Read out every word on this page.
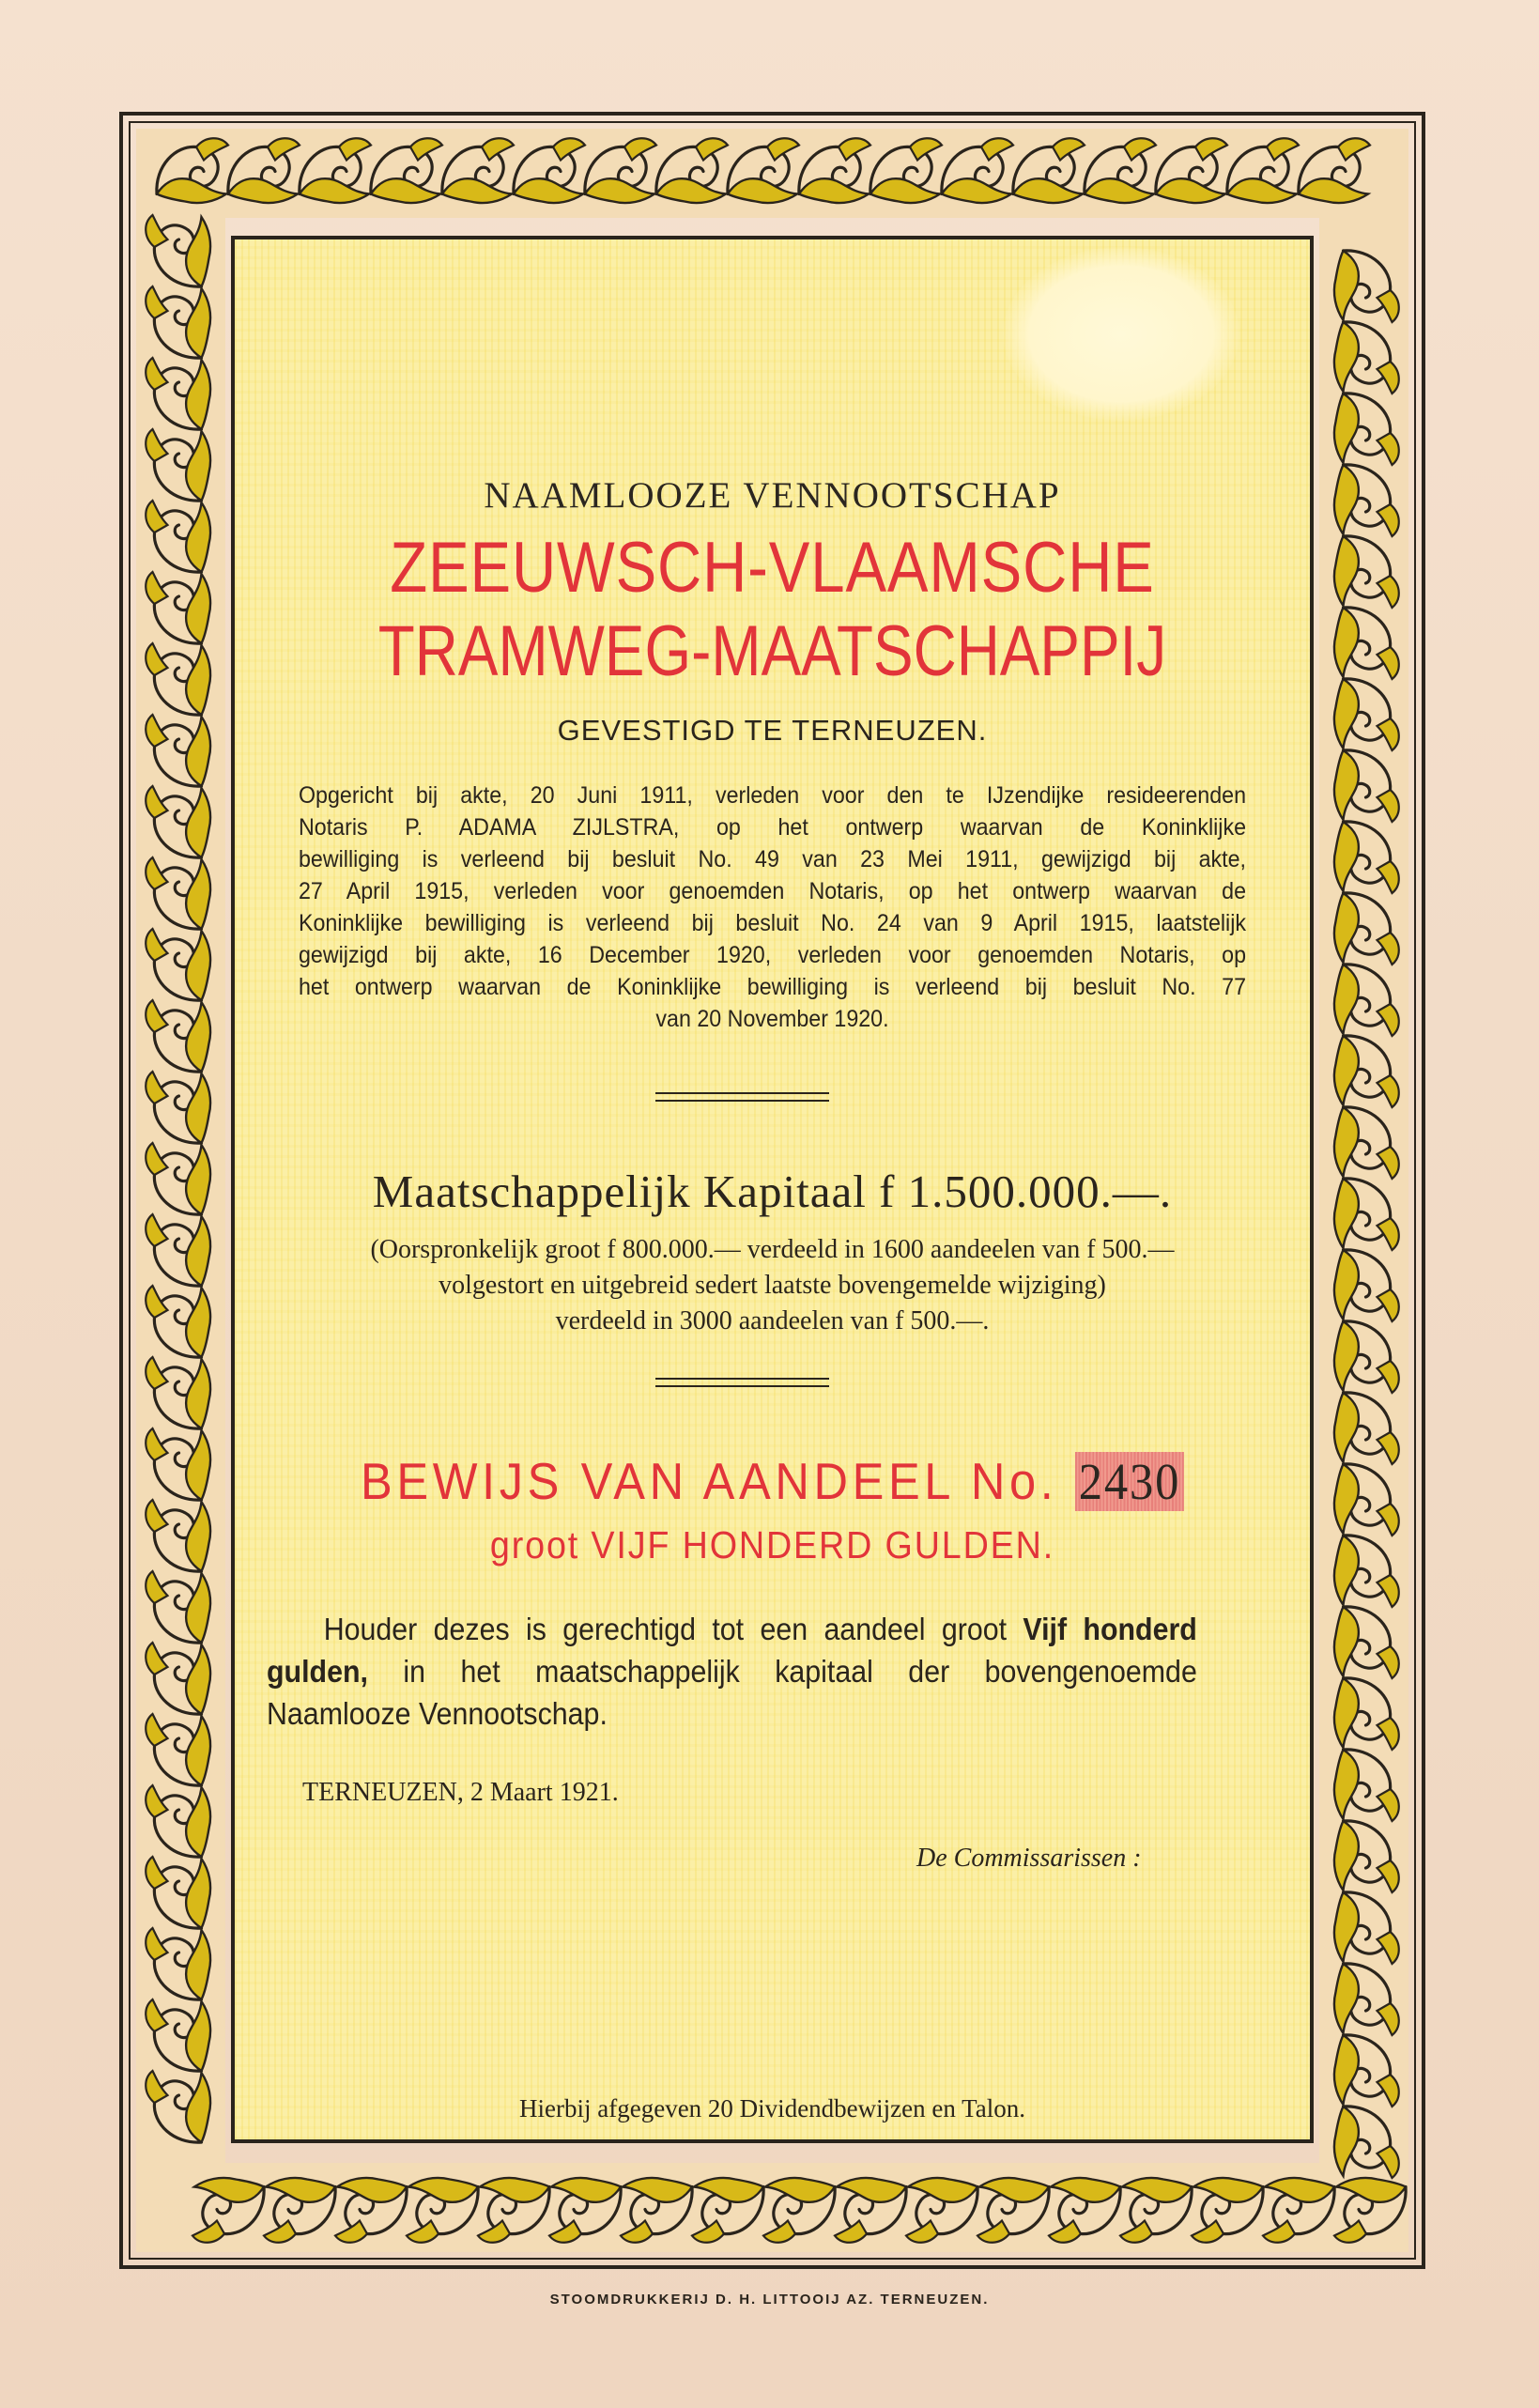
NAAMLOOZE VENNOOTSCHAP
ZEEUWSCH-VLAAMSCHE
TRAMWEG-MAATSCHAPPIJ
GEVESTIGD TE TERNEUZEN.
Opgericht bij akte, 20 Juni 1911, verleden voor den te IJzendijke resideerenden
Notaris P. ADAMA ZIJLSTRA, op het ontwerp waarvan de Koninklijke
bewilliging is verleend bij besluit No. 49 van 23 Mei 1911, gewijzigd bij akte,
27 April 1915, verleden voor genoemden Notaris, op het ontwerp waarvan de
Koninklijke bewilliging is verleend bij besluit No. 24 van 9 April 1915, laatstelijk
gewijzigd bij akte, 16 December 1920, verleden voor genoemden Notaris, op
het ontwerp waarvan de Koninklijke bewilliging is verleend bij besluit No. 77
van 20 November 1920.
Maatschappelijk Kapitaal f 1.500.000.—.
(Oorspronkelijk groot f 800.000.— verdeeld in 1600 aandeelen van f 500.—
volgestort en uitgebreid sedert laatste bovengemelde wijziging)
verdeeld in 3000 aandeelen van f 500.—.
BEWIJS VAN AANDEEL No. 2430
groot VIJF HONDERD GULDEN.
Houder dezes is gerechtigd tot een aandeel groot Vijf honderd
gulden, in het maatschappelijk kapitaal der bovengenoemde
Naamlooze Vennootschap.
TERNEUZEN, 2 Maart 1921.
De Commissarissen :
Hierbij afgegeven 20 Dividendbewijzen en Talon.
STOOMDRUKKERIJ D. H. LITTOOIJ AZ. TERNEUZEN.
